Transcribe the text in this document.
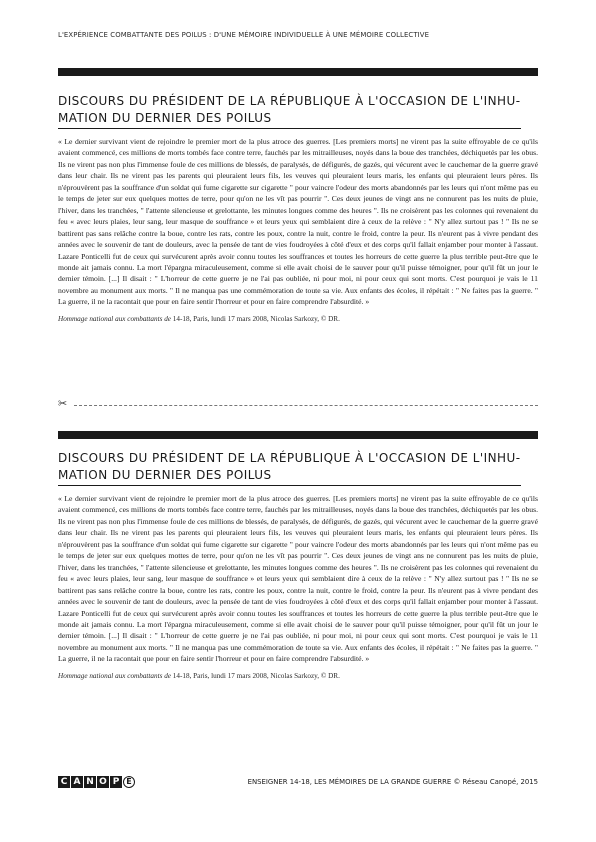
L'EXPÉRIENCE COMBATTANTE DES POILUS : D'UNE MÉMOIRE INDIVIDUELLE À UNE MÉMOIRE COLLECTIVE
DISCOURS DU PRÉSIDENT DE LA RÉPUBLIQUE À L'OCCASION DE L'INHU-
MATION DU DERNIER DES POILUS

« Le dernier survivant vient de rejoindre le premier mort de la plus atroce des guerres. [Les premiers morts] ne virent pas la suite effroyable de ce qu'ils avaient commencé, ces millions de morts tombés face contre terre, fauchés par les mitrailleuses, noyés dans la boue des tranchées, déchiquetés par les obus. Ils ne virent pas non plus l'immense foule de ces millions de blessés, de paralysés, de défigurés, de gazés, qui vécurent avec le cauchemar de la guerre gravé dans leur chair. Ils ne virent pas les parents qui pleuraient leurs fils, les veuves qui pleuraient leurs maris, les enfants qui pleuraient leurs pères. Ils n'éprouvèrent pas la souffrance d'un soldat qui fume cigarette sur cigarette " pour vaincre l'odeur des morts abandonnés par les leurs qui n'ont même pas eu le temps de jeter sur eux quelques mottes de terre, pour qu'on ne les vît pas pourrir ". Ces deux jeunes de vingt ans ne connurent pas les nuits de pluie, l'hiver, dans les tranchées, " l'attente silencieuse et grelottante, les minutes longues comme des heures ". Ils ne croisèrent pas les colonnes qui revenaient du feu « avec leurs plaies, leur sang, leur masque de souffrance » et leurs yeux qui semblaient dire à ceux de la relève : " N'y allez surtout pas ! " Ils ne se battirent pas sans relâche contre la boue, contre les rats, contre les poux, contre la nuit, contre le froid, contre la peur. Ils n'eurent pas à vivre pendant des années avec le souvenir de tant de douleurs, avec la pensée de tant de vies foudroyées à côté d'eux et des corps qu'il fallait enjamber pour monter à l'assaut. Lazare Ponticelli fut de ceux qui survécurent après avoir connu toutes les souffrances et toutes les horreurs de cette guerre la plus terrible peut-être que le monde ait jamais connu. La mort l'épargna miraculeusement, comme si elle avait choisi de le sauver pour qu'il puisse témoigner, pour qu'il fût un jour le dernier témoin. [...] Il disait : " L'horreur de cette guerre je ne l'ai pas oubliée, ni pour moi, ni pour ceux qui sont morts. C'est pourquoi je vais le 11 novembre au monument aux morts. " Il ne manqua pas une commémoration de toute sa vie. Aux enfants des écoles, il répétait : " Ne faites pas la guerre. " La guerre, il ne la racontait que pour en faire sentir l'horreur et pour en faire comprendre l'absurdité. »

Hommage national aux combattants de 14-18, Paris, lundi 17 mars 2008, Nicolas Sarkozy, © DR.
✂
DISCOURS DU PRÉSIDENT DE LA RÉPUBLIQUE À L'OCCASION DE L'INHU-
MATION DU DERNIER DES POILUS

« Le dernier survivant vient de rejoindre le premier mort de la plus atroce des guerres. [Les premiers morts] ne virent pas la suite effroyable de ce qu'ils avaient commencé, ces millions de morts tombés face contre terre, fauchés par les mitrailleuses, noyés dans la boue des tranchées, déchiquetés par les obus. Ils ne virent pas non plus l'immense foule de ces millions de blessés, de paralysés, de défigurés, de gazés, qui vécurent avec le cauchemar de la guerre gravé dans leur chair. Ils ne virent pas les parents qui pleuraient leurs fils, les veuves qui pleuraient leurs maris, les enfants qui pleuraient leurs pères. Ils n'éprouvèrent pas la souffrance d'un soldat qui fume cigarette sur cigarette " pour vaincre l'odeur des morts abandonnés par les leurs qui n'ont même pas eu le temps de jeter sur eux quelques mottes de terre, pour qu'on ne les vît pas pourrir ". Ces deux jeunes de vingt ans ne connurent pas les nuits de pluie, l'hiver, dans les tranchées, " l'attente silencieuse et grelottante, les minutes longues comme des heures ". Ils ne croisèrent pas les colonnes qui revenaient du feu « avec leurs plaies, leur sang, leur masque de souffrance » et leurs yeux qui semblaient dire à ceux de la relève : " N'y allez surtout pas ! " Ils ne se battirent pas sans relâche contre la boue, contre les rats, contre les poux, contre la nuit, contre le froid, contre la peur. Ils n'eurent pas à vivre pendant des années avec le souvenir de tant de douleurs, avec la pensée de tant de vies foudroyées à côté d'eux et des corps qu'il fallait enjamber pour monter à l'assaut. Lazare Ponticelli fut de ceux qui survécurent après avoir connu toutes les souffrances et toutes les horreurs de cette guerre la plus terrible peut-être que le monde ait jamais connu. La mort l'épargna miraculeusement, comme si elle avait choisi de le sauver pour qu'il puisse témoigner, pour qu'il fût un jour le dernier témoin. [...] Il disait : " L'horreur de cette guerre je ne l'ai pas oubliée, ni pour moi, ni pour ceux qui sont morts. C'est pourquoi je vais le 11 novembre au monument aux morts. " Il ne manqua pas une commémoration de toute sa vie. Aux enfants des écoles, il répétait : " Ne faites pas la guerre. " La guerre, il ne la racontait que pour en faire sentir l'horreur et pour en faire comprendre l'absurdité. »

Hommage national aux combattants de 14-18, Paris, lundi 17 mars 2008, Nicolas Sarkozy, © DR.
C A N O P É	ENSEIGNER 14-18, LES MÉMOIRES DE LA GRANDE GUERRE © Réseau Canopé, 2015
